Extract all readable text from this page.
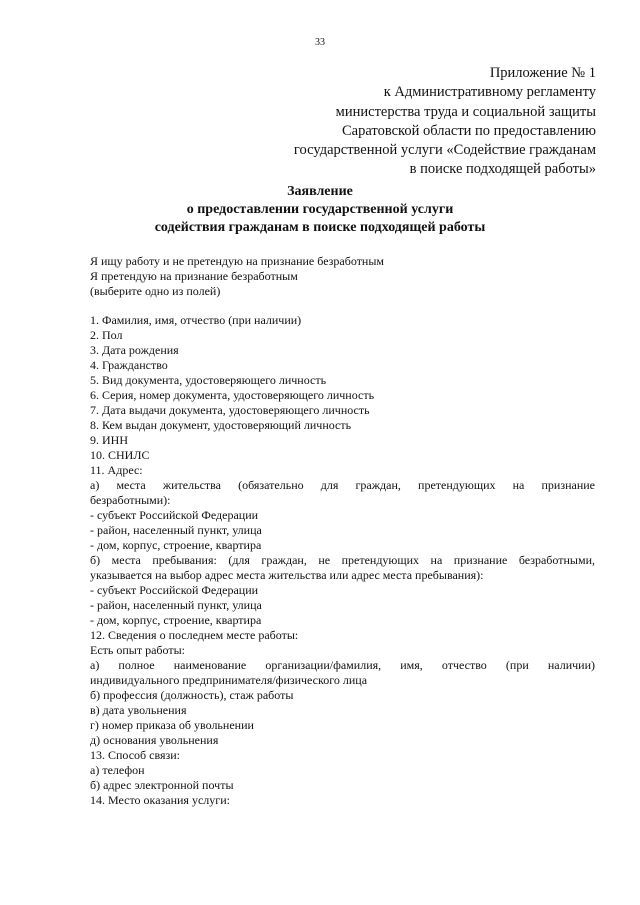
33
Приложение № 1
к Административному регламенту
министерства труда и социальной защиты
Саратовской области по предоставлению
государственной услуги «Содействие гражданам
в поиске подходящей работы»
Заявление
о предоставлении государственной услуги
содействия гражданам в поиске подходящей работы
Я ищу работу и не претендую на признание безработным
Я претендую на признание безработным
(выберите одно из полей)
1. Фамилия, имя, отчество (при наличии)
2. Пол
3. Дата рождения
4. Гражданство
5. Вид документа, удостоверяющего личность
6. Серия, номер документа, удостоверяющего личность
7. Дата выдачи документа, удостоверяющего личность
8. Кем выдан документ, удостоверяющий личность
9. ИНН
10. СНИЛС
11. Адрес:
а) места жительства (обязательно для граждан, претендующих на признание
безработными):
- субъект Российской Федерации
- район, населенный пункт, улица
- дом, корпус, строение, квартира
б) места пребывания: (для граждан, не претендующих на признание безработными,
указывается на выбор адрес места жительства или адрес места пребывания):
- субъект Российской Федерации
- район, населенный пункт, улица
- дом, корпус, строение, квартира
12. Сведения о последнем месте работы:
Есть опыт работы:
а) полное наименование организации/фамилия, имя, отчество (при наличии)
индивидуального предпринимателя/физического лица
б) профессия (должность), стаж работы
в) дата увольнения
г) номер приказа об увольнении
д) основания увольнения
13. Способ связи:
а) телефон
б) адрес электронной почты
14. Место оказания услуги:
